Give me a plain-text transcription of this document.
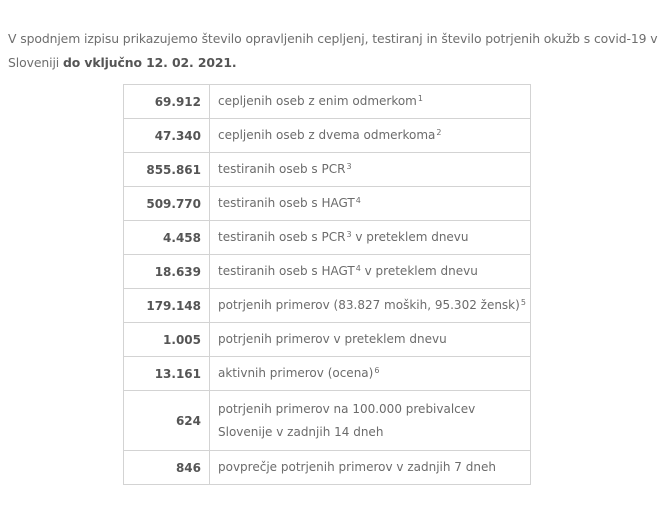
V spodnjem izpisu prikazujemo število opravljenih cepljenj, testiranj in število potrjenih okužb s covid-19 v Sloveniji do vključno 12. 02. 2021.
69.912	cepljenih oseb z enim odmerkom$^1$
47.340	cepljenih oseb z dvema odmerkoma$^2$
855.861	testiranih oseb s PCR$^3$
509.770	testiranih oseb s HAGT$^4$
4.458	testiranih oseb s PCR$^3$ v preteklem dnevu
18.639	testiranih oseb s HAGT$^4$ v preteklem dnevu
179.148	potrjenih primerov (83.827 moških, 95.302 žensk)$^5$
1.005	potrjenih primerov v preteklem dnevu
13.161	aktivnih primerov (ocena)$^6$
624	potrjenih primerov na 100.000 prebivalcev Slovenije v zadnjih 14 dneh
846	povprečje potrjenih primerov v zadnjih 7 dneh
